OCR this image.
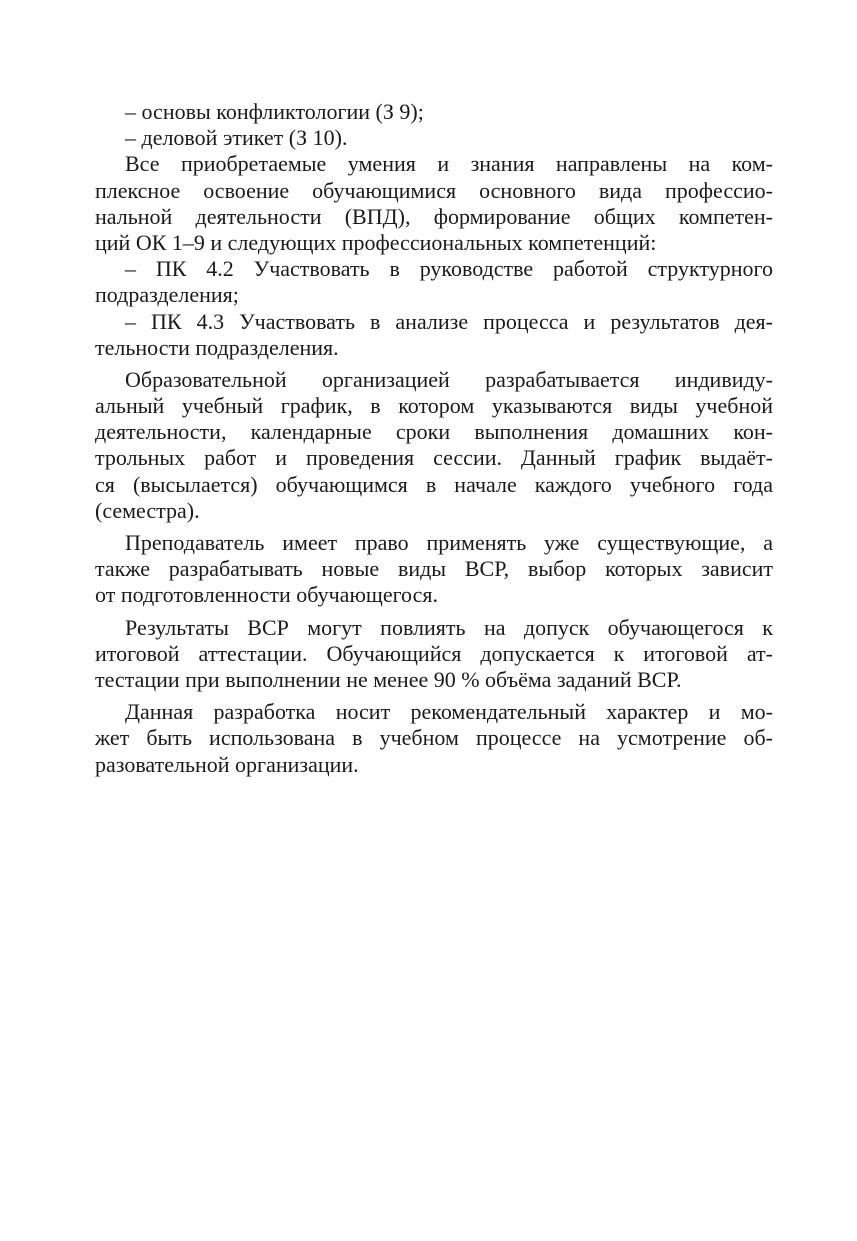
– основы конфликтологии (З 9);
– деловой этикет (З 10).
Все приобретаемые умения и знания направлены на ком-
плексное освоение обучающимися основного вида профессио-
нальной деятельности (ВПД), формирование общих компетен-
ций ОК 1–9 и следующих профессиональных компетенций:
– ПК 4.2 Участвовать в руководстве работой структурного
подразделения;
– ПК 4.3 Участвовать в анализе процесса и результатов дея-
тельности подразделения.
Образовательной организацией разрабатывается индивиду-
альный учебный график, в котором указываются виды учебной
деятельности, календарные сроки выполнения домашних кон-
трольных работ и проведения сессии. Данный график выдаёт-
ся (высылается) обучающимся в начале каждого учебного года
(семестра).
Преподаватель имеет право применять уже существующие, а
также разрабатывать новые виды ВСР, выбор которых зависит
от подготовленности обучающегося.
Результаты ВСР могут повлиять на допуск обучающегося к
итоговой аттестации. Обучающийся допускается к итоговой ат-
тестации при выполнении не менее 90 % объёма заданий ВСР.
Данная разработка носит рекомендательный характер и мо-
жет быть использована в учебном процессе на усмотрение об-
разовательной организации.
